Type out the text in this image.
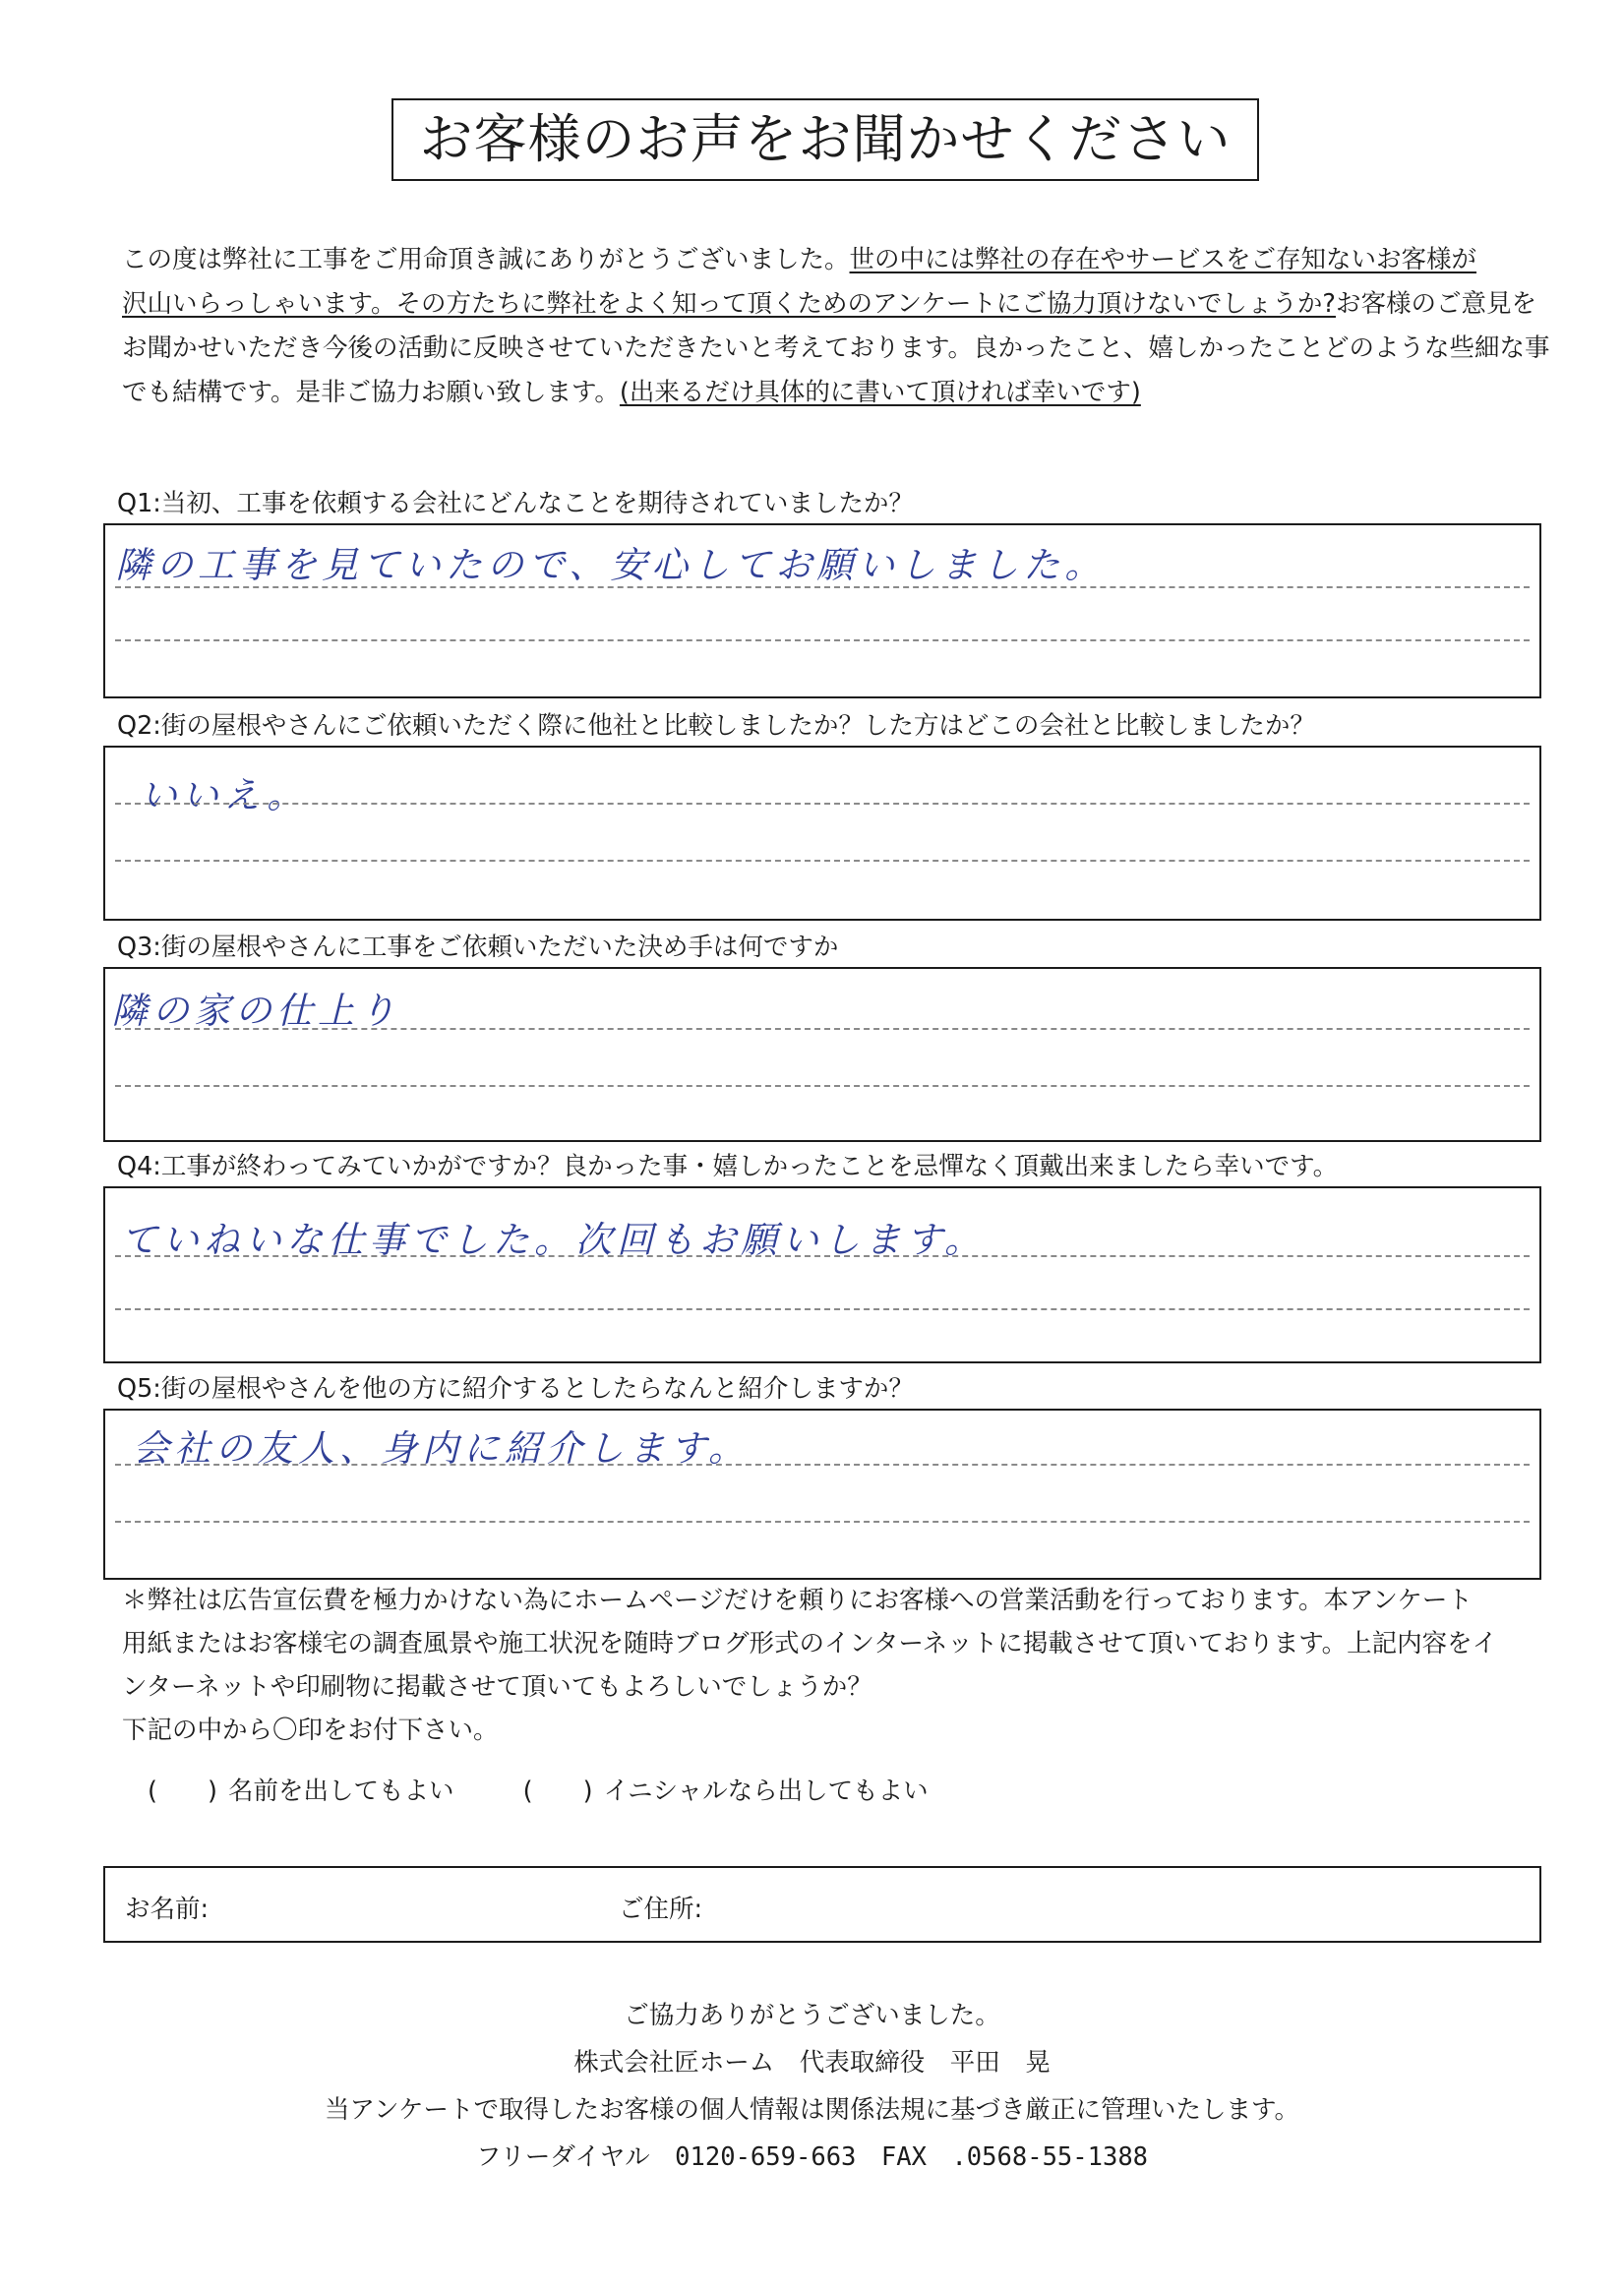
お客様のお声をお聞かせください
この度は弊社に工事をご用命頂き誠にありがとうございました。世の中には弊社の存在やサービスをご存知ないお客様が
沢山いらっしゃいます。その方たちに弊社をよく知って頂くためのアンケートにご協力頂けないでしょうか?お客様のご意見を
お聞かせいただき今後の活動に反映させていただきたいと考えております。良かったこと、嬉しかったことどのような些細な事
でも結構です。是非ご協力お願い致します。(出来るだけ具体的に書いて頂ければ幸いです)
Q1:当初、工事を依頼する会社にどんなことを期待されていましたか？
隣の工事を見ていたので、安心してお願いしました。
Q2:街の屋根やさんにご依頼いただく際に他社と比較しましたか？した方はどこの会社と比較しましたか？
いいえ。
Q3:街の屋根やさんに工事をご依頼いただいた決め手は何ですか
隣の家の仕上り
Q4:工事が終わってみていかがですか？良かった事・嬉しかったことを忌憚なく頂戴出来ましたら幸いです。
ていねいな仕事でした。次回もお願いします。
Q5:街の屋根やさんを他の方に紹介するとしたらなんと紹介しますか？
会社の友人、身内に紹介します。
＊弊社は広告宣伝費を極力かけない為にホームページだけを頼りにお客様への営業活動を行っております。本アンケート
用紙またはお客様宅の調査風景や施工状況を随時ブログ形式のインターネットに掲載させて頂いております。上記内容をイ
ンターネットや印刷物に掲載させて頂いてもよろしいでしょうか？
下記の中から〇印をお付下さい。
(　　) 名前を出してもよい	(　　) イニシャルなら出してもよい
お名前:	ご住所:
ご協力ありがとうございました。
株式会社匠ホーム　代表取締役　平田　晃
当アンケートで取得したお客様の個人情報は関係法規に基づき厳正に管理いたします。
フリーダイヤル　0120-659-663　FAX　.0568-55-1388
